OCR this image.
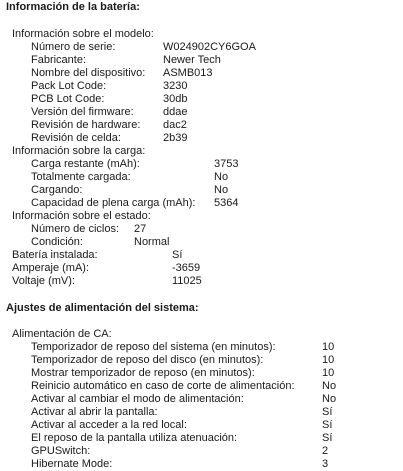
Información de la batería:
Información sobre el modelo:
Número de serie:	W024902CY6GOA
Fabricante:	Newer Tech
Nombre del dispositivo: ASMB013
Pack Lot Code:	3230
PCB Lot Code:	30db
Versión del firmware:	ddae
Revisión de hardware: dac2
Revisión de celda:	2b39
Información sobre la carga:
Carga restante (mAh):	3753
Totalmente cargada:	No
Cargando:	No
Capacidad de plena carga (mAh): 5364
Información sobre el estado:
Número de ciclos: 27
Condición:	Normal
Batería instalada:	Sí
Amperaje (mA):	-3659
Voltaje (mV):	11025
Ajustes de alimentación del sistema:
Alimentación de CA:
Temporizador de reposo del sistema (en minutos):	10
Temporizador de reposo del disco (en minutos):	10
Mostrar temporizador de reposo (en minutos):	10
Reinicio automático en caso de corte de alimentación: No
Activar al cambiar el modo de alimentación:	No
Activar al abrir la pantalla:	Sí
Activar al acceder a la red local:	Sí
El reposo de la pantalla utiliza atenuación:	Sí
GPUSwitch:	2
Hibernate Mode:	3
